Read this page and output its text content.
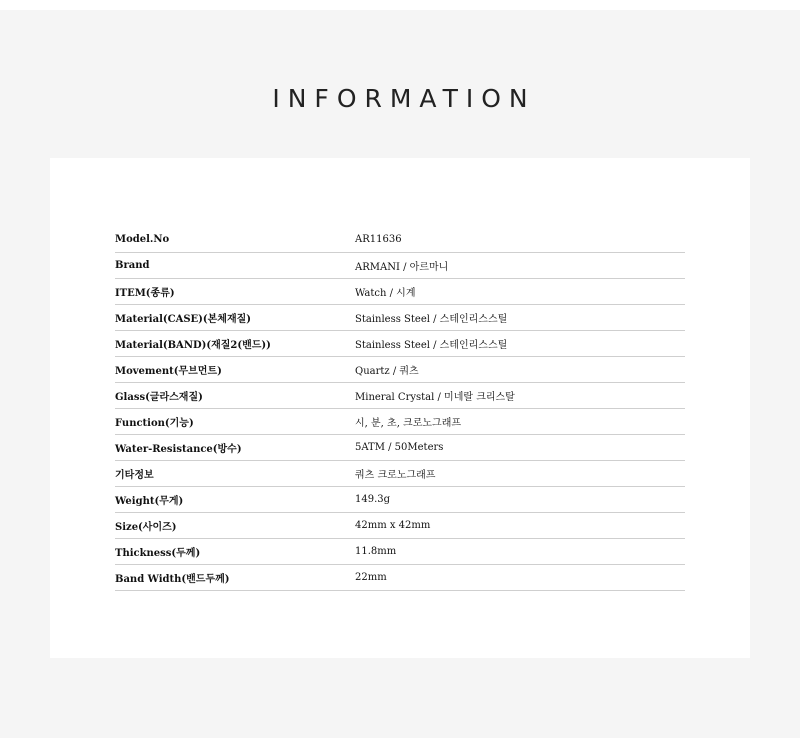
INFORMATION
Model.No	AR11636
Brand	ARMANI / 아르마니
ITEM(종류)	Watch / 시계
Material(CASE)(본체재질)	Stainless Steel / 스테인리스스틸
Material(BAND)(재질2(밴드))	Stainless Steel / 스테인리스스틸
Movement(무브먼트)	Quartz / 쿼츠
Glass(글라스재질)	Mineral Crystal / 미네랄 크리스탈
Function(기능)	시, 분, 초, 크로노그래프
Water-Resistance(방수)	5ATM / 50Meters
기타정보	쿼츠 크로노그래프
Weight(무게)	149.3g
Size(사이즈)	42mm x 42mm
Thickness(두께)	11.8mm
Band Width(밴드두께)	22mm
